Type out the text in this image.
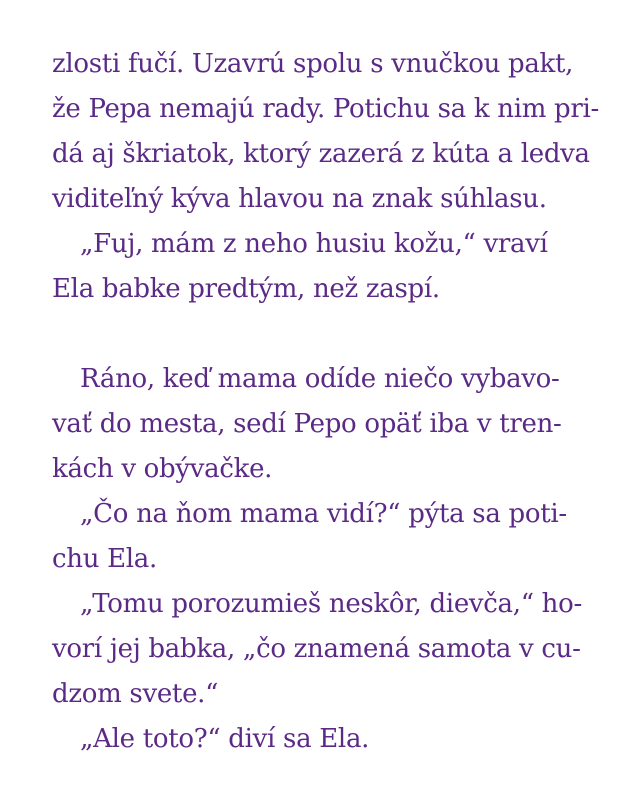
zlosti fučí. Uzavrú spolu s vnučkou pakt,
že Pepa nemajú rady. Potichu sa k nim pri-
dá aj škriatok, ktorý zazerá z kúta a ledva
viditeľný kýva hlavou na znak súhlasu.
„Fuj, mám z neho husiu kožu,“ vraví
Ela babke predtým, než zaspí.
Ráno, keď mama odíde niečo vybavo-
vať do mesta, sedí Pepo opäť iba v tren-
kách v obývačke.
„Čo na ňom mama vidí?“ pýta sa poti-
chu Ela.
„Tomu porozumieš neskôr, dievča,“ ho-
vorí jej babka, „čo znamená samota v cu-
dzom svete.“
„Ale toto?“ diví sa Ela.
